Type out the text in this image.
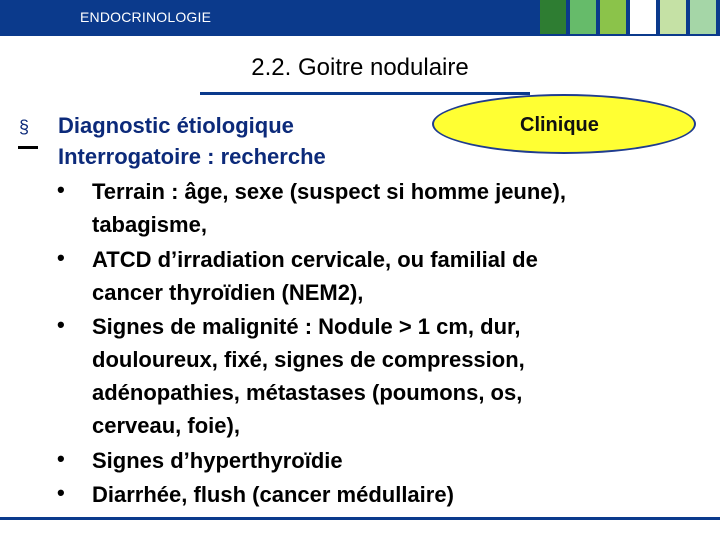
ENDOCRINOLOGIE
2.2. Goitre nodulaire
Clinique
§ Diagnostic étiologique
Interrogatoire : recherche
• Terrain : âge, sexe (suspect si homme jeune),
tabagisme,
• ATCD d’irradiation cervicale, ou familial de
cancer thyroïdien (NEM2),
• Signes de malignité : Nodule > 1 cm, dur,
douloureux, fixé, signes de compression,
adénopathies, métastases (poumons, os,
cerveau, foie),
• Signes d’hyperthyroïdie
• Diarrhée, flush (cancer médullaire)
